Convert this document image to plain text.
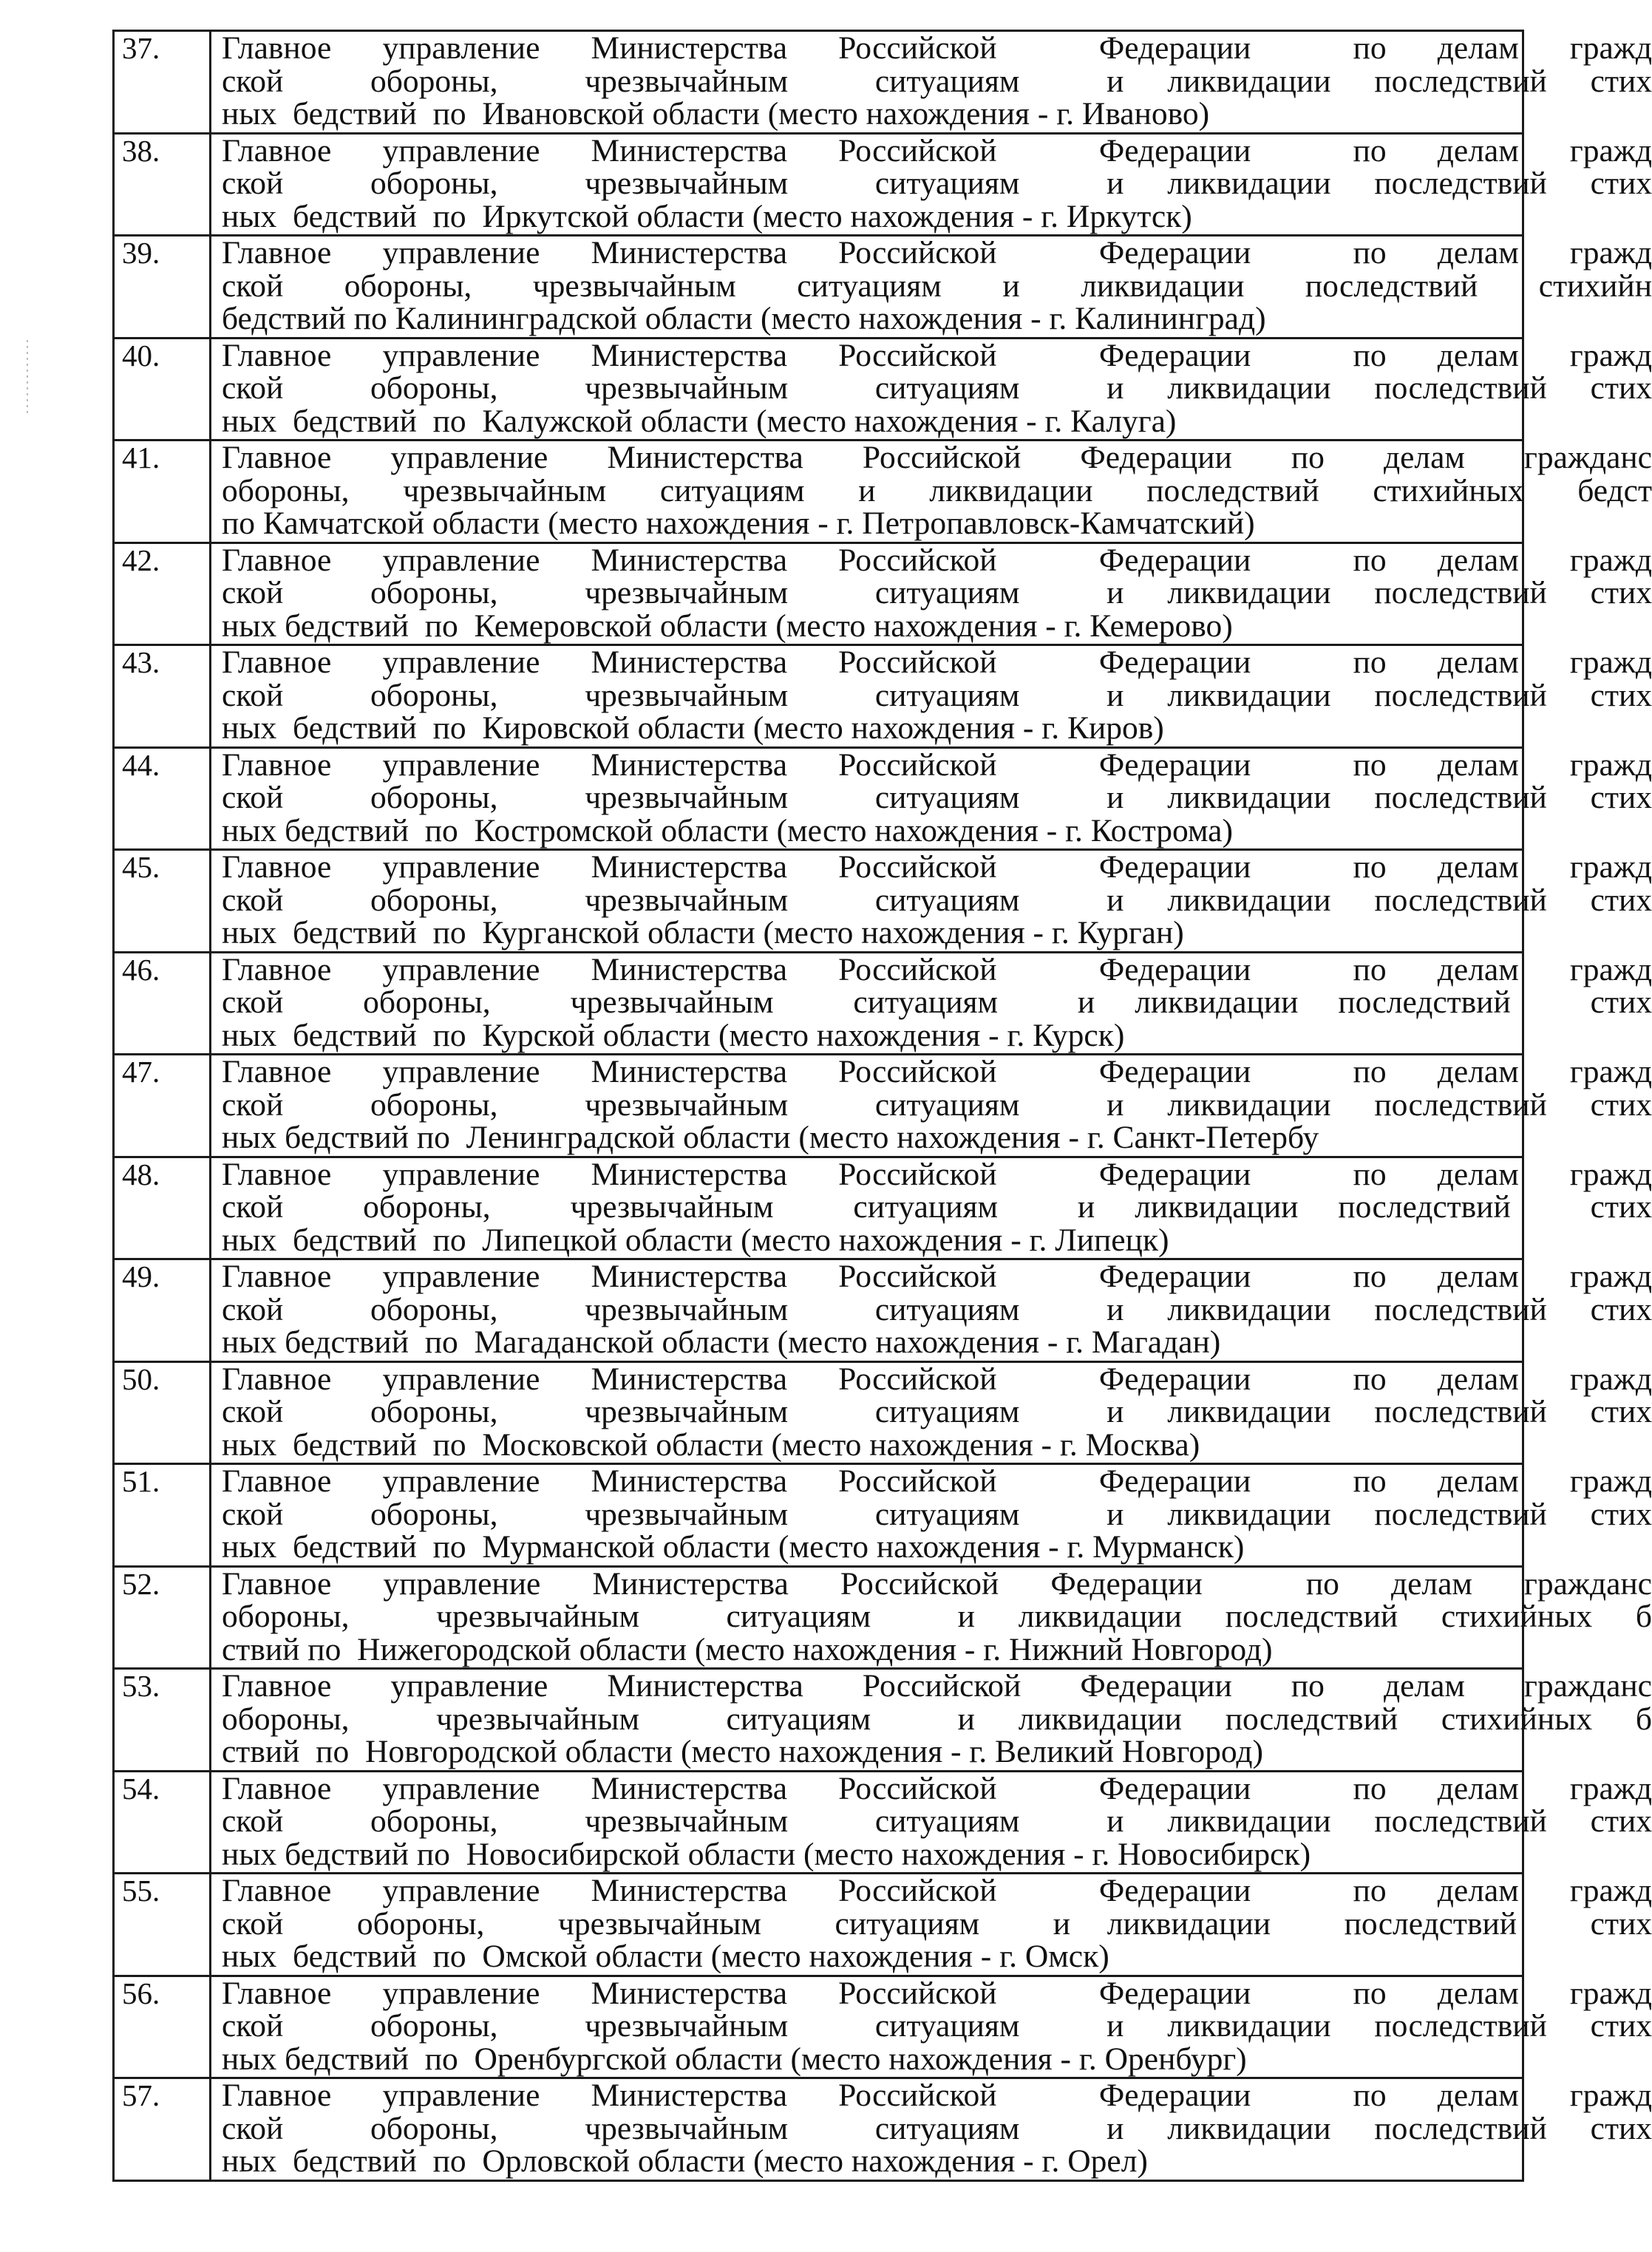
37.	Главное управление Министерства Российской  Федерации  по делам гражд
ской  обороны,  чрезвычайным  ситуациям  и ликвидации последствий стих
ных  бедствий  по  Ивановской области (место нахождения - г. Иваново)

38.	Главное управление Министерства Российской  Федерации  по делам гражд
ской  обороны,  чрезвычайным  ситуациям  и ликвидации последствий стих
ных  бедствий  по  Иркутской области (место нахождения - г. Иркутск)

39.	Главное управление Министерства Российской  Федерации  по делам гражд
ской обороны, чрезвычайным ситуациям и ликвидации последствий стихийн
бедствий по Калининградской области (место нахождения - г. Калининград)

40.	Главное управление Министерства Российской  Федерации  по делам гражд
ской  обороны,  чрезвычайным  ситуациям  и ликвидации последствий стих
ных  бедствий  по  Калужской области (место нахождения - г. Калуга)

41.	Главное управление Министерства Российской Федерации по делам гражданс
обороны, чрезвычайным ситуациям и ликвидации последствий стихийных бедст
по Камчатской области (место нахождения - г. Петропавловск-Камчатский)

42.	Главное управление Министерства Российской  Федерации  по делам гражд
ской  обороны,  чрезвычайным  ситуациям  и ликвидации последствий стих
ных бедствий  по  Кемеровской области (место нахождения - г. Кемерово)

43.	Главное управление Министерства Российской  Федерации  по делам гражд
ской  обороны,  чрезвычайным  ситуациям  и ликвидации последствий стих
ных  бедствий  по  Кировской области (место нахождения - г. Киров)

44.	Главное управление Министерства Российской  Федерации  по делам гражд
ской  обороны,  чрезвычайным  ситуациям  и ликвидации последствий стих
ных бедствий  по  Костромской области (место нахождения - г. Кострома)

45.	Главное управление Министерства Российской  Федерации  по делам гражд
ской  обороны,  чрезвычайным  ситуациям  и ликвидации последствий стих
ных  бедствий  по  Курганской области (место нахождения - г. Курган)

46.	Главное управление Министерства Российской  Федерации  по делам гражд
ской  обороны,  чрезвычайным  ситуациям  и ликвидации последствий  стих
ных  бедствий  по  Курской области (место нахождения - г. Курск)

47.	Главное управление Министерства Российской  Федерации  по делам гражд
ской  обороны,  чрезвычайным  ситуациям  и ликвидации последствий стих
ных бедствий по  Ленинградской области (место нахождения - г. Санкт-Петербу

48.	Главное управление Министерства Российской  Федерации  по делам гражд
ской  обороны,  чрезвычайным  ситуациям  и ликвидации последствий  стих
ных  бедствий  по  Липецкой области (место нахождения - г. Липецк)

49.	Главное управление Министерства Российской  Федерации  по делам гражд
ской  обороны,  чрезвычайным  ситуациям  и ликвидации последствий стих
ных бедствий  по  Магаданской области (место нахождения - г. Магадан)

50.	Главное управление Министерства Российской  Федерации  по делам гражд
ской  обороны,  чрезвычайным  ситуациям  и ликвидации последствий стих
ных  бедствий  по  Московской области (место нахождения - г. Москва)

51.	Главное управление Министерства Российской  Федерации  по делам гражд
ской  обороны,  чрезвычайным  ситуациям  и ликвидации последствий стих
ных  бедствий  по  Мурманской области (место нахождения - г. Мурманск)

52.	Главное управление Министерства Российской Федерации  по делам гражданс
обороны,  чрезвычайным  ситуациям  и ликвидации последствий стихийных б
ствий по  Нижегородской области (место нахождения - г. Нижний Новгород)

53.	Главное управление Министерства Российской Федерации по делам гражданс
обороны,  чрезвычайным  ситуациям  и ликвидации последствий стихийных б
ствий  по  Новгородской области (место нахождения - г. Великий Новгород)

54.	Главное управление Министерства Российской  Федерации  по делам гражд
ской  обороны,  чрезвычайным  ситуациям  и ликвидации последствий стих
ных бедствий по  Новосибирской области (место нахождения - г. Новосибирск)

55.	Главное управление Министерства Российской  Федерации  по делам гражд
ской  обороны,  чрезвычайным  ситуациям  и ликвидации  последствий  стих
ных  бедствий  по  Омской области (место нахождения - г. Омск)

56.	Главное управление Министерства Российской  Федерации  по делам гражд
ской  обороны,  чрезвычайным  ситуациям  и ликвидации последствий стих
ных бедствий  по  Оренбургской области (место нахождения - г. Оренбург)

57.	Главное управление Министерства Российской  Федерации  по делам гражд
ской  обороны,  чрезвычайным  ситуациям  и ликвидации последствий стих
ных  бедствий  по  Орловской области (место нахождения - г. Орел)
